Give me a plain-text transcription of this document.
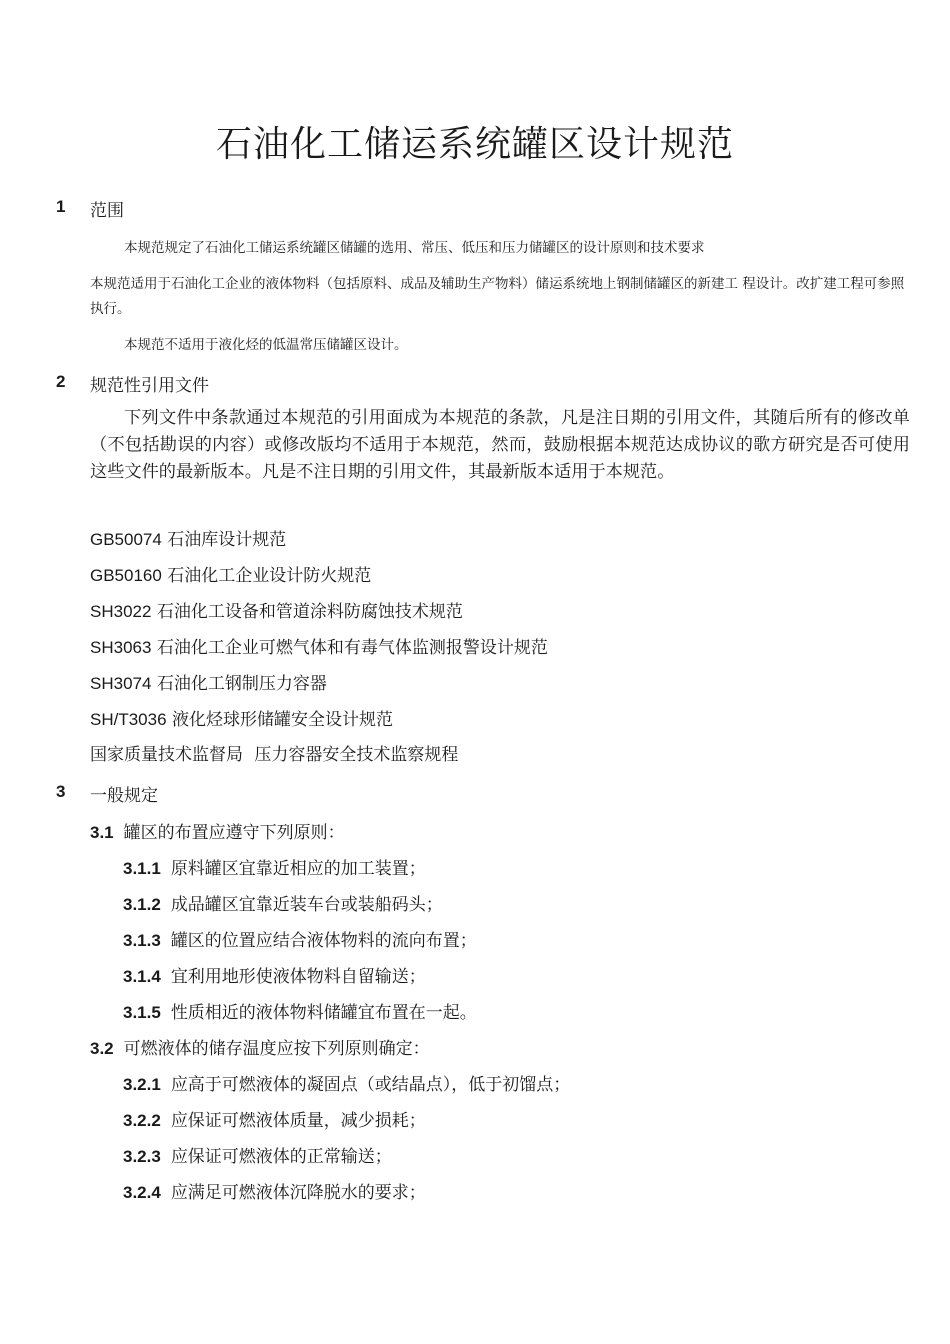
石油化工储运系统罐区设计规范
1 范围
本规范规定了石油化工储运系统罐区储罐的选用、常压、低压和压力储罐区的设计原则和技术要求
本规范适用于石油化工企业的液体物料（包括原料、成品及辅助生产物料）储运系统地上钢制储罐区的新建工 程设计。改扩建工程可参照执行。
本规范不适用于液化烃的低温常压储罐区设计。
2 规范性引用文件
下列文件中条款通过本规范的引用面成为本规范的条款，凡是注日期的引用文件，其随后所有的修改单（不包括勘误的内容）或修改版均不适用于本规范，然而，鼓励根据本规范达成协议的歌方研究是否可使用这些文件的最新版本。凡是不注日期的引用文件，其最新版本适用于本规范。
GB50074 石油库设计规范
GB50160 石油化工企业设计防火规范
SH3022 石油化工设备和管道涂料防腐蚀技术规范
SH3063 石油化工企业可燃气体和有毒气体监测报警设计规范
SH3074 石油化工钢制压力容器
SH/T3036 液化烃球形储罐安全设计规范
国家质量技术监督局 压力容器安全技术监察规程
3 一般规定
3.1 罐区的布置应遵守下列原则：
3.1.1 原料罐区宜靠近相应的加工装置；
3.1.2 成品罐区宜靠近装车台或装船码头；
3.1.3 罐区的位置应结合液体物料的流向布置；
3.1.4 宜利用地形使液体物料自留输送；
3.1.5 性质相近的液体物料储罐宜布置在一起。
3.2 可燃液体的储存温度应按下列原则确定：
3.2.1 应高于可燃液体的凝固点（或结晶点），低于初馏点；
3.2.2 应保证可燃液体质量，减少损耗；
3.2.3 应保证可燃液体的正常输送；
3.2.4 应满足可燃液体沉降脱水的要求；
